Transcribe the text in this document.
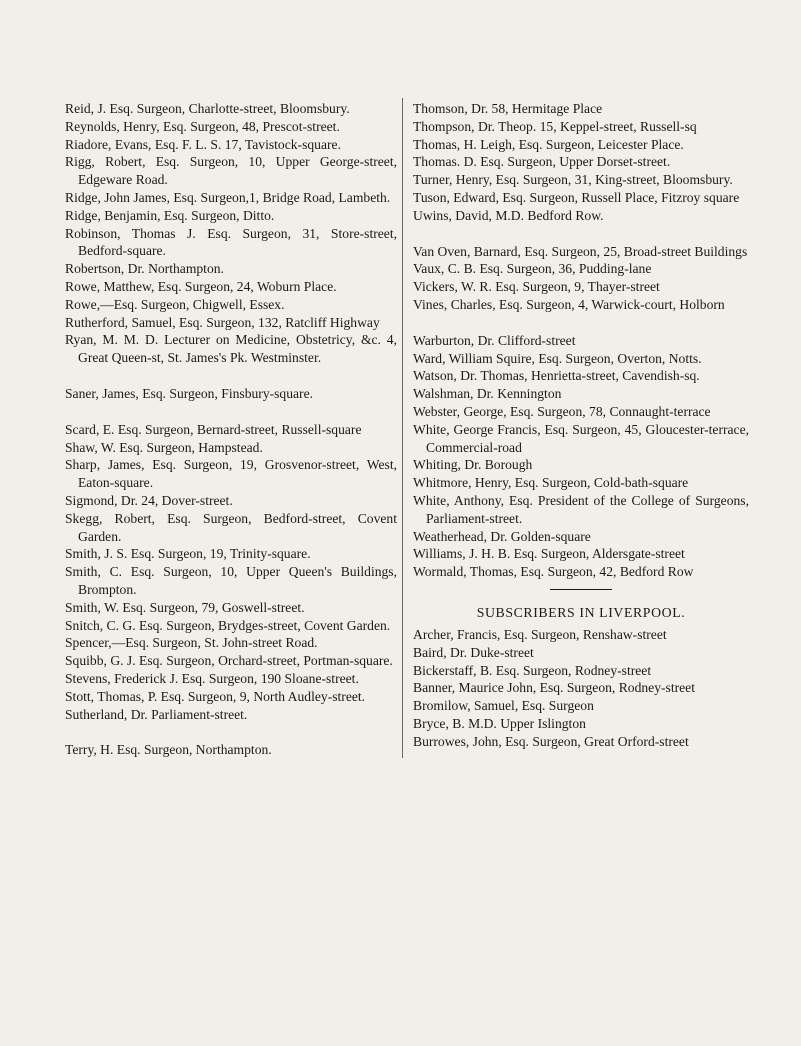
Reid, J. Esq. Surgeon, Charlotte-street, Bloomsbury.

Reynolds, Henry, Esq. Surgeon, 48, Prescot-street.

Riadore, Evans, Esq. F. L. S. 17, Tavistock-square.

Rigg, Robert, Esq. Surgeon, 10, Upper George-street, Edgeware Road.

Ridge, John James, Esq. Surgeon,1, Bridge Road, Lambeth.

Ridge, Benjamin, Esq. Surgeon, Ditto.

Robinson, Thomas J. Esq. Surgeon, 31, Store-street, Bedford-square.

Robertson, Dr. Northampton.

Rowe, Matthew, Esq. Surgeon, 24, Woburn Place.

Rowe,—Esq. Surgeon, Chigwell, Essex.

Rutherford, Samuel, Esq. Surgeon, 132, Ratcliff Highway

Ryan, M. M. D. Lecturer on Medicine, Obstetricy, &c. 4, Great Queen-st, St. James's Pk. Westminster.

Saner, James, Esq. Surgeon, Finsbury-square.

Scard, E. Esq. Surgeon, Bernard-street, Russell-square

Shaw, W. Esq. Surgeon, Hampstead.

Sharp, James, Esq. Surgeon, 19, Grosvenor-street, West, Eaton-square.

Sigmond, Dr. 24, Dover-street.

Skegg, Robert, Esq. Surgeon, Bedford-street, Covent Garden.

Smith, J. S. Esq. Surgeon, 19, Trinity-square.

Smith, C. Esq. Surgeon, 10, Upper Queen's Buildings, Brompton.

Smith, W. Esq. Surgeon, 79, Goswell-street.

Snitch, C. G. Esq. Surgeon, Brydges-street, Covent Garden.

Spencer,—Esq. Surgeon, St. John-street Road.

Squibb, G. J. Esq. Surgeon, Orchard-street, Portman-square.

Stevens, Frederick J. Esq. Surgeon, 190 Sloane-street.

Stott, Thomas, P. Esq. Surgeon, 9, North Audley-street.

Sutherland, Dr. Parliament-street.

Terry, H. Esq. Surgeon, Northampton.

Thomson, Dr. 58, Hermitage Place

Thompson, Dr. Theop. 15, Keppel-street, Russell-sq

Thomas, H. Leigh, Esq. Surgeon, Leicester Place.

Thomas. D. Esq. Surgeon, Upper Dorset-street.

Turner, Henry, Esq. Surgeon, 31, King-street, Bloomsbury.

Tuson, Edward, Esq. Surgeon, Russell Place, Fitzroy square

Uwins, David, M.D. Bedford Row.

Van Oven, Barnard, Esq. Surgeon, 25, Broad-street Buildings

Vaux, C. B. Esq. Surgeon, 36, Pudding-lane

Vickers, W. R. Esq. Surgeon, 9, Thayer-street

Vines, Charles, Esq. Surgeon, 4, Warwick-court, Holborn

Warburton, Dr. Clifford-street

Ward, William Squire, Esq. Surgeon, Overton, Notts.

Watson, Dr. Thomas, Henrietta-street, Cavendish-sq.

Walshman, Dr. Kennington

Webster, George, Esq. Surgeon, 78, Connaught-terrace

White, George Francis, Esq. Surgeon, 45, Gloucester-terrace, Commercial-road

Whiting, Dr. Borough

Whitmore, Henry, Esq. Surgeon, Cold-bath-square

White, Anthony, Esq. President of the College of Surgeons, Parliament-street.

Weatherhead, Dr. Golden-square

Williams, J. H. B. Esq. Surgeon, Aldersgate-street

Wormald, Thomas, Esq. Surgeon, 42, Bedford Row

SUBSCRIBERS IN LIVERPOOL.

Archer, Francis, Esq. Surgeon, Renshaw-street

Baird, Dr. Duke-street

Bickerstaff, B. Esq. Surgeon, Rodney-street

Banner, Maurice John, Esq. Surgeon, Rodney-street

Bromilow, Samuel, Esq. Surgeon

Bryce, B. M.D. Upper Islington

Burrowes, John, Esq. Surgeon, Great Orford-street
